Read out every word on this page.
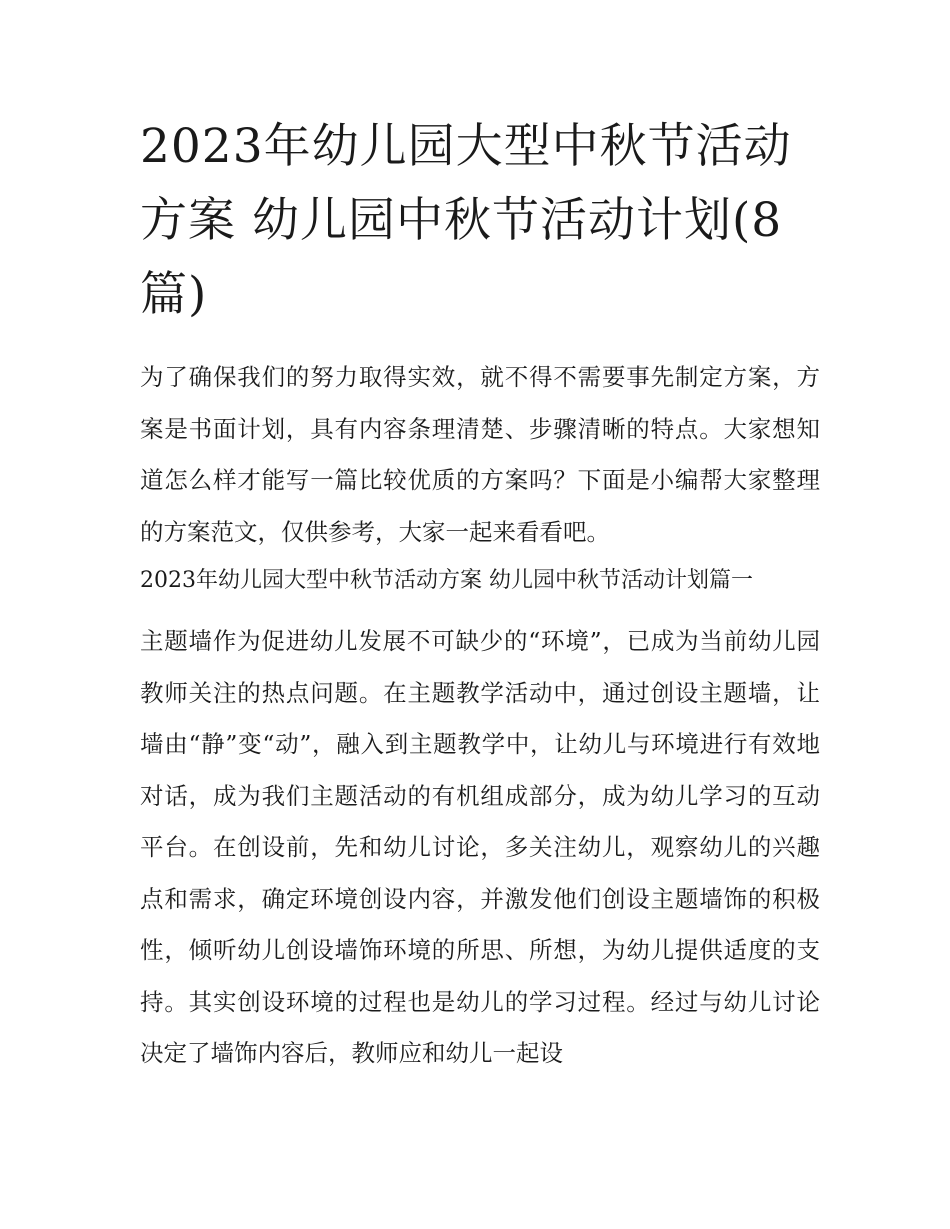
2023年幼儿园大型中秋节活动方案 幼儿园中秋节活动计划(8篇)

为了确保我们的努力取得实效，就不得不需要事先制定方案，方案是书面计划，具有内容条理清楚、步骤清晰的特点。大家想知道怎么样才能写一篇比较优质的方案吗？下面是小编帮大家整理的方案范文，仅供参考，大家一起来看看吧。

2023年幼儿园大型中秋节活动方案 幼儿园中秋节活动计划篇一

主题墙作为促进幼儿发展不可缺少的“环境”，已成为当前幼儿园教师关注的热点问题。在主题教学活动中，通过创设主题墙，让墙由“静”变“动”，融入到主题教学中，让幼儿与环境进行有效地对话，成为我们主题活动的有机组成部分，成为幼儿学习的互动平台。在创设前，先和幼儿讨论，多关注幼儿，观察幼儿的兴趣点和需求，确定环境创设内容，并激发他们创设主题墙饰的积极性，倾听幼儿创设墙饰环境的所思、所想，为幼儿提供适度的支持。其实创设环境的过程也是幼儿的学习过程。经过与幼儿讨论决定了墙饰内容后，教师应和幼儿一起设
